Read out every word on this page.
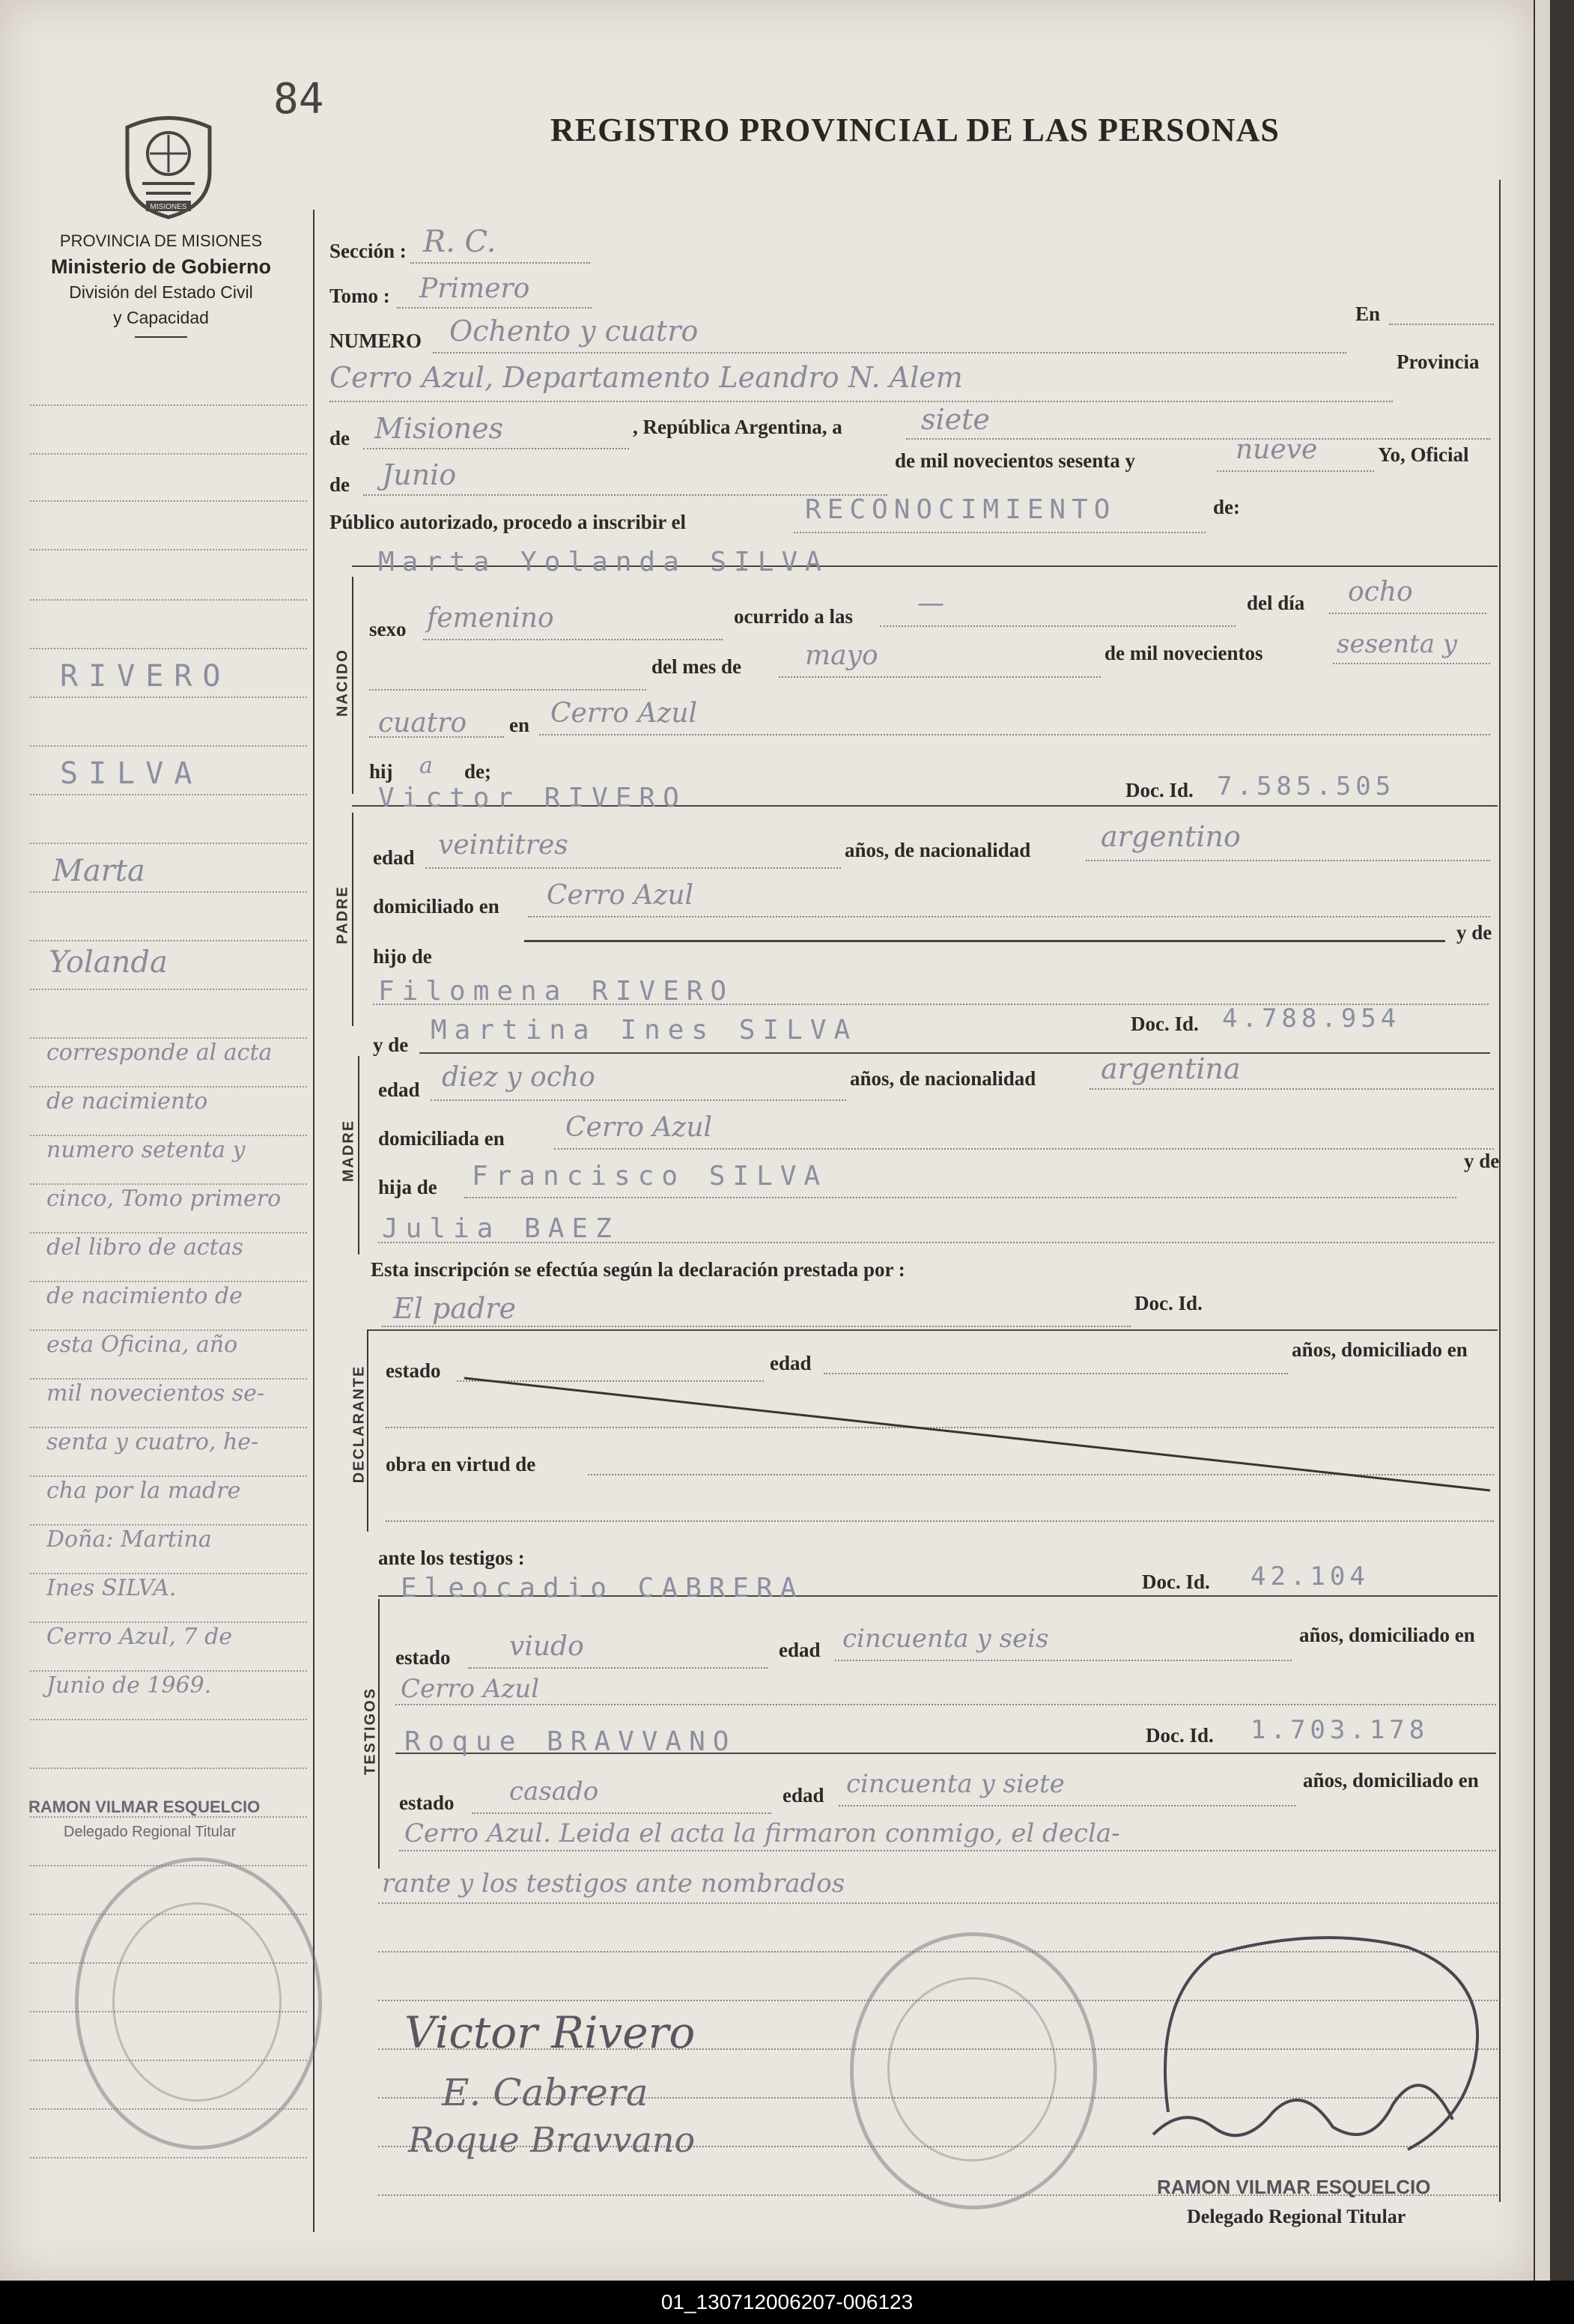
84
REGISTRO PROVINCIAL DE LAS PERSONAS
MISIONES
PROVINCIA DE MISIONES
Ministerio de Gobierno
División del Estado Civil
y Capacidad
RIVERO
SILVA
Marta
Yolanda
corresponde al acta
de nacimiento
numero setenta y
cinco, Tomo primero
del libro de actas
de nacimiento de
esta Oficina, año
mil novecientos se-
senta y cuatro, he-
cha por la madre
Doña: Martina
Ines SILVA.
Cerro Azul, 7 de
Junio de 1969.
RAMON VILMAR ESQUELCIO
Delegado Regional Titular
Sección : R. C.
Tomo : Primero
NUMERO Ochento y cuatro
En
Cerro Azul, Departamento Leandro N. Alem	Provincia
de Misiones	, República Argentina, a	siete
de Junio	de mil novecientos sesenta y	nueve	Yo, Oficial
Público autorizado, procedo a inscribir el	RECONOCIMIENTO	de:
Marta Yolanda SILVA
NACIDO
sexo femenino	ocurrido a las —	del día ocho
del mes de mayo	de mil novecientos	sesenta y
cuatro en Cerro Azul
hij a de;
Victor RIVERO	Doc. Id. 7.585.505
PADRE
edad veintitres	años, de nacionalidad argentino
domiciliado en Cerro Azul
hijo de
y de
Filomena RIVERO
y de Martina Ines SILVA	Doc. Id. 4.788.954
MADRE
edad diez y ocho	años, de nacionalidad argentina
domiciliada en Cerro Azul
hija de Francisco SILVA	y de
Julia BAEZ
Esta inscripción se efectúa según la declaración prestada por :
El padre	Doc. Id.
DECLARANTE estado	edad
años, domiciliado en
obra en virtud de
ante los testigos :
Eleocadio CABRERA	Doc. Id. 42.104
TESTIGOS
estado viudo	edad cincuenta y seis	años, domiciliado en
Cerro Azul
Roque BRAVVANO	Doc. Id. 1.703.178
estado casado	edad cincuenta y siete	años, domiciliado en
Cerro Azul. Leida el acta la firmaron conmigo, el decla-
rante y los testigos ante nombrados
Victor Rivero
E. Cabrera
Roque Bravvano
RAMON VILMAR ESQUELCIO
Delegado Regional Titular
01_130712006207-006123
